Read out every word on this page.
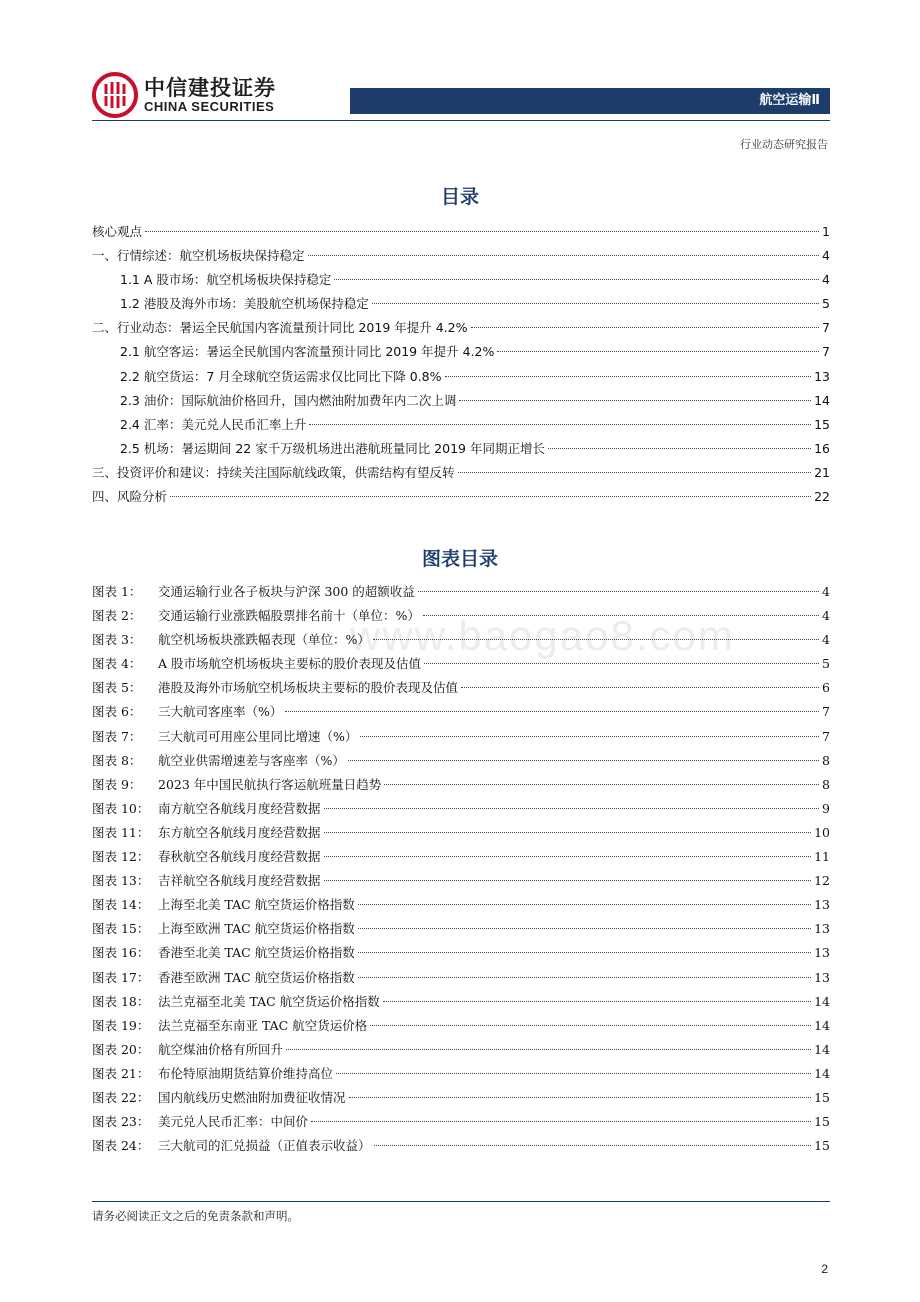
中信建投证券
CHINA SECURITIES	航空运输Ⅱ
行业动态研究报告
目录
核心观点	1
一、行情综述：航空机场板块保持稳定	4
1.1 A 股市场：航空机场板块保持稳定	4
1.2 港股及海外市场：美股航空机场保持稳定	5
二、行业动态：暑运全民航国内客流量预计同比 2019 年提升 4.2%	7
2.1 航空客运：暑运全民航国内客流量预计同比 2019 年提升 4.2%	7
2.2 航空货运：7 月全球航空货运需求仅比同比下降 0.8%	13
2.3 油价：国际航油价格回升，国内燃油附加费年内二次上调	14
2.4 汇率：美元兑人民币汇率上升	15
2.5 机场：暑运期间 22 家千万级机场进出港航班量同比 2019 年同期正增长	16
三、投资评价和建议：持续关注国际航线政策，供需结构有望反转	21
四、风险分析	22
图表目录
www.baogao8.com
图表 1：	交通运输行业各子板块与沪深 300 的超额收益	4
图表 2：	交通运输行业涨跌幅股票排名前十（单位：%）	4
图表 3：	航空机场板块涨跌幅表现（单位：%）	4
图表 4：	A 股市场航空机场板块主要标的股价表现及估值	5
图表 5：	港股及海外市场航空机场板块主要标的股价表现及估值	6
图表 6：	三大航司客座率（%）	7
图表 7：	三大航司可用座公里同比增速（%）	7
图表 8：	航空业供需增速差与客座率（%）	8
图表 9：	2023 年中国民航执行客运航班量日趋势	8
图表 10： 南方航空各航线月度经营数据	9
图表 11： 东方航空各航线月度经营数据	10
图表 12： 春秋航空各航线月度经营数据	11
图表 13： 吉祥航空各航线月度经营数据	12
图表 14： 上海至北美 TAC 航空货运价格指数	13
图表 15： 上海至欧洲 TAC 航空货运价格指数	13
图表 16： 香港至北美 TAC 航空货运价格指数	13
图表 17： 香港至欧洲 TAC 航空货运价格指数	13
图表 18： 法兰克福至北美 TAC 航空货运价格指数	14
图表 19： 法兰克福至东南亚 TAC 航空货运价格	14
图表 20： 航空煤油价格有所回升	14
图表 21： 布伦特原油期货结算价维持高位	14
图表 22： 国内航线历史燃油附加费征收情况	15
图表 23： 美元兑人民币汇率：中间价	15
图表 24： 三大航司的汇兑损益（正值表示收益）	15
请务必阅读正文之后的免责条款和声明。
2
